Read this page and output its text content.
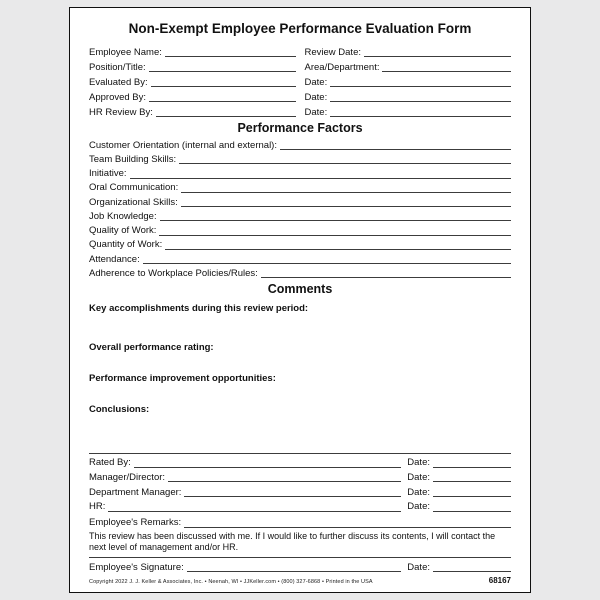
Non-Exempt Employee Performance Evaluation Form
Employee Name:	Review Date:
Position/Title:	Area/Department:
Evaluated By:	Date:
Approved By:	Date:
HR Review By:	Date:
Performance Factors
Customer Orientation (internal and external):
Team Building Skills:
Initiative:
Oral Communication:
Organizational Skills:
Job Knowledge:
Quality of Work:
Quantity of Work:
Attendance:
Adherence to Workplace Policies/Rules:
Comments
Key accomplishments during this review period:
Overall performance rating:
Performance improvement opportunities:
Conclusions:
Rated By:	Date:
Manager/Director:	Date:
Department Manager:	Date:
HR:	Date:
Employee's Remarks:
This review has been discussed with me. If I would like to further discuss its contents, I will contact the next level of management and/or HR.
Employee's Signature:	Date:
Copyright 2022 J. J. Keller & Associates, Inc. • Neenah, WI • JJKeller.com • (800) 327-6868 • Printed in the USA	68167
